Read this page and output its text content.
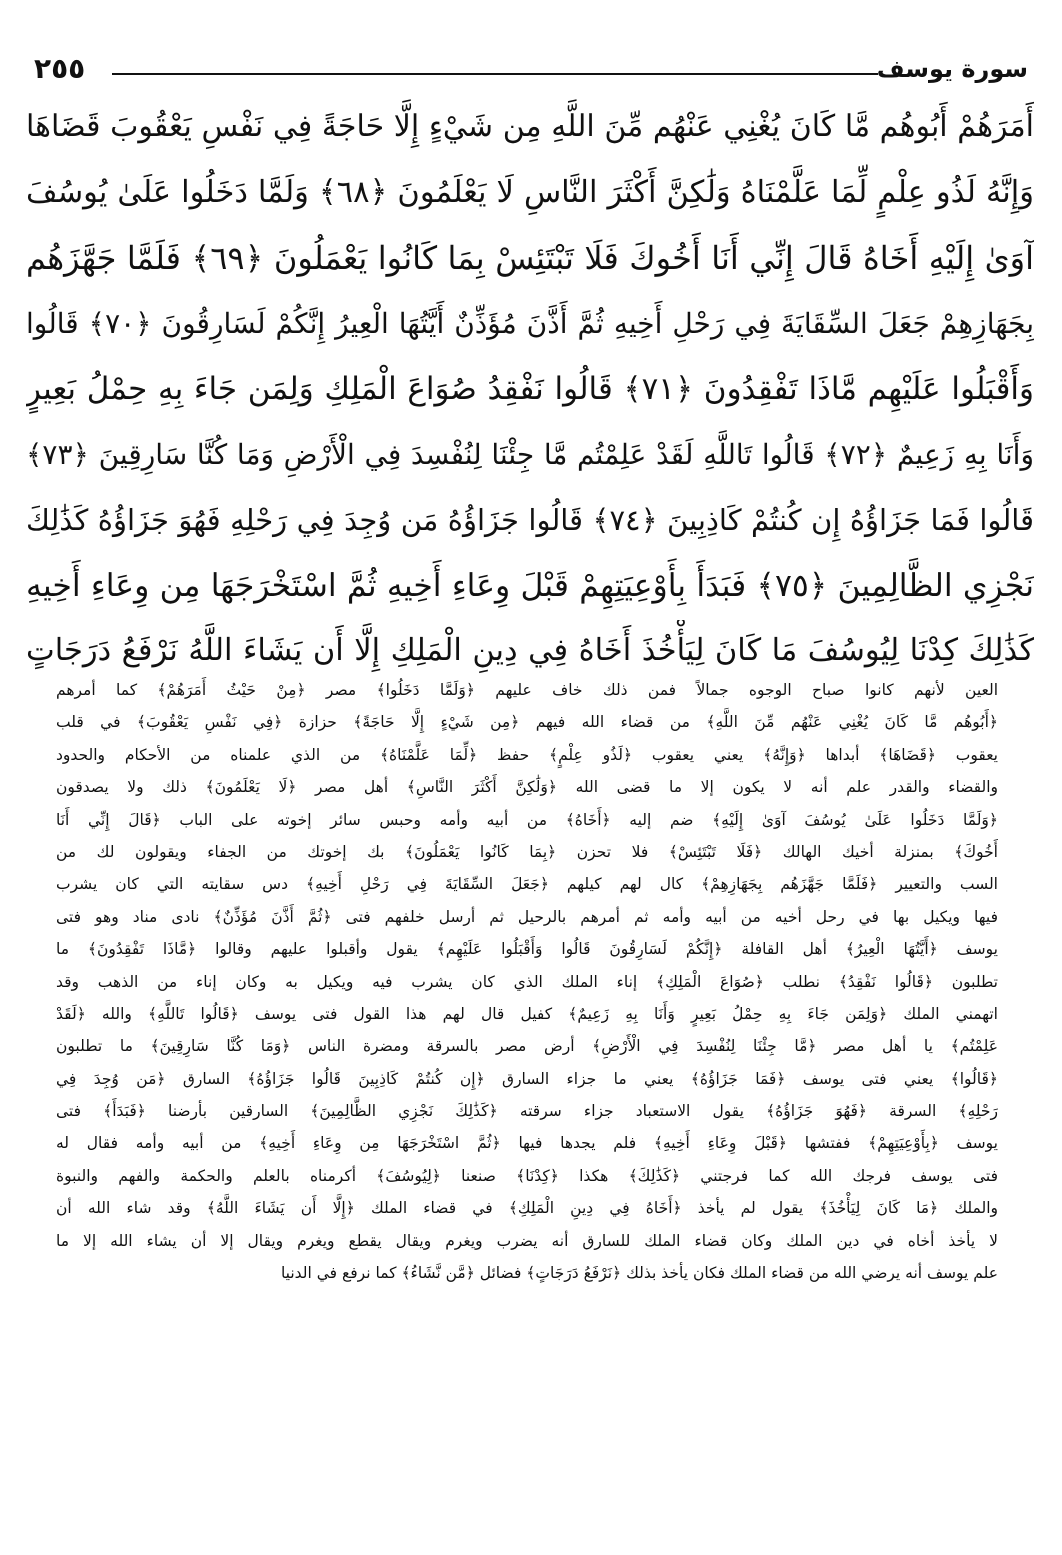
٢٥٥	سورة يوسف
أَمَرَهُمْ أَبُوهُم مَّا كَانَ يُغْنِي عَنْهُم مِّنَ اللَّهِ مِن شَيْءٍ إِلَّا حَاجَةً فِي نَفْسِ يَعْقُوبَ قَضَاهَا
وَإِنَّهُ لَذُو عِلْمٍ لِّمَا عَلَّمْنَاهُ وَلَٰكِنَّ أَكْثَرَ النَّاسِ لَا يَعْلَمُونَ ﴿٦٨﴾ وَلَمَّا دَخَلُوا عَلَىٰ يُوسُفَ
آوَىٰ إِلَيْهِ أَخَاهُ قَالَ إِنِّي أَنَا أَخُوكَ فَلَا تَبْتَئِسْ بِمَا كَانُوا يَعْمَلُونَ ﴿٦٩﴾ فَلَمَّا جَهَّزَهُم
بِجَهَازِهِمْ جَعَلَ السِّقَايَةَ فِي رَحْلِ أَخِيهِ ثُمَّ أَذَّنَ مُؤَذِّنٌ أَيَّتُهَا الْعِيرُ إِنَّكُمْ لَسَارِقُونَ ﴿٧٠﴾ قَالُوا
وَأَقْبَلُوا عَلَيْهِم مَّاذَا تَفْقِدُونَ ﴿٧١﴾ قَالُوا نَفْقِدُ صُوَاعَ الْمَلِكِ وَلِمَن جَاءَ بِهِ حِمْلُ بَعِيرٍ
وَأَنَا بِهِ زَعِيمٌ ﴿٧٢﴾ قَالُوا تَاللَّهِ لَقَدْ عَلِمْتُم مَّا جِئْنَا لِنُفْسِدَ فِي الْأَرْضِ وَمَا كُنَّا سَارِقِينَ ﴿٧٣﴾
قَالُوا فَمَا جَزَاؤُهُ إِن كُنتُمْ كَاذِبِينَ ﴿٧٤﴾ قَالُوا جَزَاؤُهُ مَن وُجِدَ فِي رَحْلِهِ فَهُوَ جَزَاؤُهُ كَذَٰلِكَ
نَجْزِي الظَّالِمِينَ ﴿٧٥﴾ فَبَدَأَ بِأَوْعِيَتِهِمْ قَبْلَ وِعَاءِ أَخِيهِ ثُمَّ اسْتَخْرَجَهَا مِن وِعَاءِ أَخِيهِ
كَذَٰلِكَ كِدْنَا لِيُوسُفَ مَا كَانَ لِيَأْخُذَ أَخَاهُ فِي دِينِ الْمَلِكِ إِلَّا أَن يَشَاءَ اللَّهُ نَرْفَعُ دَرَجَاتٍ
العين لأنهم كانوا صباح الوجوه جمالاً فمن ذلك خاف عليهم ﴿وَلَمَّا دَخَلُوا﴾ مصر ﴿مِنْ حَيْثُ أَمَرَهُمْ﴾ كما أمرهم
﴿أَبُوهُم مَّا كَانَ يُغْنِي عَنْهُم مِّنَ اللَّهِ﴾ من قضاء الله فيهم ﴿مِن شَيْءٍ إِلَّا حَاجَةً﴾ حزازة ﴿فِي نَفْسِ يَعْقُوبَ﴾ في قلب
يعقوب ﴿قَضَاهَا﴾ أبداها ﴿وَإِنَّهُ﴾ يعني يعقوب ﴿لَذُو عِلْمٍ﴾ حفظ ﴿لِّمَا عَلَّمْنَاهُ﴾ من الذي علمناه من الأحكام والحدود
والقضاء والقدر علم أنه لا يكون إلا ما قضى الله ﴿وَلَٰكِنَّ أَكْثَرَ النَّاسِ﴾ أهل مصر ﴿لَا يَعْلَمُونَ﴾ ذلك ولا يصدقون
﴿وَلَمَّا دَخَلُوا عَلَىٰ يُوسُفَ آوَىٰ إِلَيْهِ﴾ ضم إليه ﴿أَخَاهُ﴾ من أبيه وأمه وحبس سائر إخوته على الباب ﴿قَالَ إِنِّي أَنَا
أَخُوكَ﴾ بمنزلة أخيك الهالك ﴿فَلَا تَبْتَئِسْ﴾ فلا تحزن ﴿بِمَا كَانُوا يَعْمَلُونَ﴾ بك إخوتك من الجفاء ويقولون لك من
السب والتعيير ﴿فَلَمَّا جَهَّزَهُم بِجَهَازِهِمْ﴾ كال لهم كيلهم ﴿جَعَلَ السِّقَايَةَ فِي رَحْلِ أَخِيهِ﴾ دس سقايته التي كان يشرب
فيها ويكيل بها في رحل أخيه من أبيه وأمه ثم أمرهم بالرحيل ثم أرسل خلفهم فتى ﴿ثُمَّ أَذَّنَ مُؤَذِّنٌ﴾ نادى مناد وهو فتى
يوسف ﴿أَيَّتُهَا الْعِيرُ﴾ أهل القافلة ﴿إِنَّكُمْ لَسَارِقُونَ قَالُوا وَأَقْبَلُوا عَلَيْهِم﴾ يقول وأقبلوا عليهم وقالوا ﴿مَّاذَا تَفْقِدُونَ﴾ ما
تطلبون ﴿قَالُوا نَفْقِدُ﴾ نطلب ﴿صُوَاعَ الْمَلِكِ﴾ إناء الملك الذي كان يشرب فيه ويكيل به وكان إناء من الذهب وقد
اتهمني الملك ﴿وَلِمَن جَاءَ بِهِ حِمْلُ بَعِيرٍ وَأَنَا بِهِ زَعِيمٌ﴾ كفيل قال لهم هذا القول فتى يوسف ﴿قَالُوا تَاللَّهِ﴾ والله ﴿لَقَدْ
عَلِمْتُم﴾ يا أهل مصر ﴿مَّا جِئْنَا لِنُفْسِدَ فِي الْأَرْضِ﴾ أرض مصر بالسرقة ومضرة الناس ﴿وَمَا كُنَّا سَارِقِينَ﴾ ما تطلبون
﴿قَالُوا﴾ يعني فتى يوسف ﴿فَمَا جَزَاؤُهُ﴾ يعني ما جزاء السارق ﴿إِن كُنتُمْ كَاذِبِينَ قَالُوا جَزَاؤُهُ﴾ السارق ﴿مَن وُجِدَ فِي
رَحْلِهِ﴾ السرقة ﴿فَهُوَ جَزَاؤُهُ﴾ يقول الاستعباد جزاء سرقته ﴿كَذَٰلِكَ نَجْزِي الظَّالِمِينَ﴾ السارقين بأرضنا ﴿فَبَدَأَ﴾ فتى
يوسف ﴿بِأَوْعِيَتِهِمْ﴾ ففتشها ﴿قَبْلَ وِعَاءِ أَخِيهِ﴾ فلم يجدها فيها ﴿ثُمَّ اسْتَخْرَجَهَا مِن وِعَاءِ أَخِيهِ﴾ من أبيه وأمه فقال له
فتى يوسف فرجك الله كما فرجتني ﴿كَذَٰلِكَ﴾ هكذا ﴿كِدْنَا﴾ صنعنا ﴿لِيُوسُفَ﴾ أكرمناه بالعلم والحكمة والفهم والنبوة
والملك ﴿مَا كَانَ لِيَأْخُذَ﴾ يقول لم يأخذ ﴿أَخَاهُ فِي دِينِ الْمَلِكِ﴾ في قضاء الملك ﴿إِلَّا أَن يَشَاءَ اللَّهُ﴾ وقد شاء الله أن
لا يأخذ أخاه في دين الملك وكان قضاء الملك للسارق أنه يضرب ويغرم ويقال يقطع ويغرم ويقال إلا أن يشاء الله إلا ما
علم يوسف أنه يرضي الله من قضاء الملك فكان يأخذ بذلك ﴿نَرْفَعُ دَرَجَاتٍ﴾ فضائل ﴿مَّن نَّشَاءُ﴾ كما نرفع في الدنيا
